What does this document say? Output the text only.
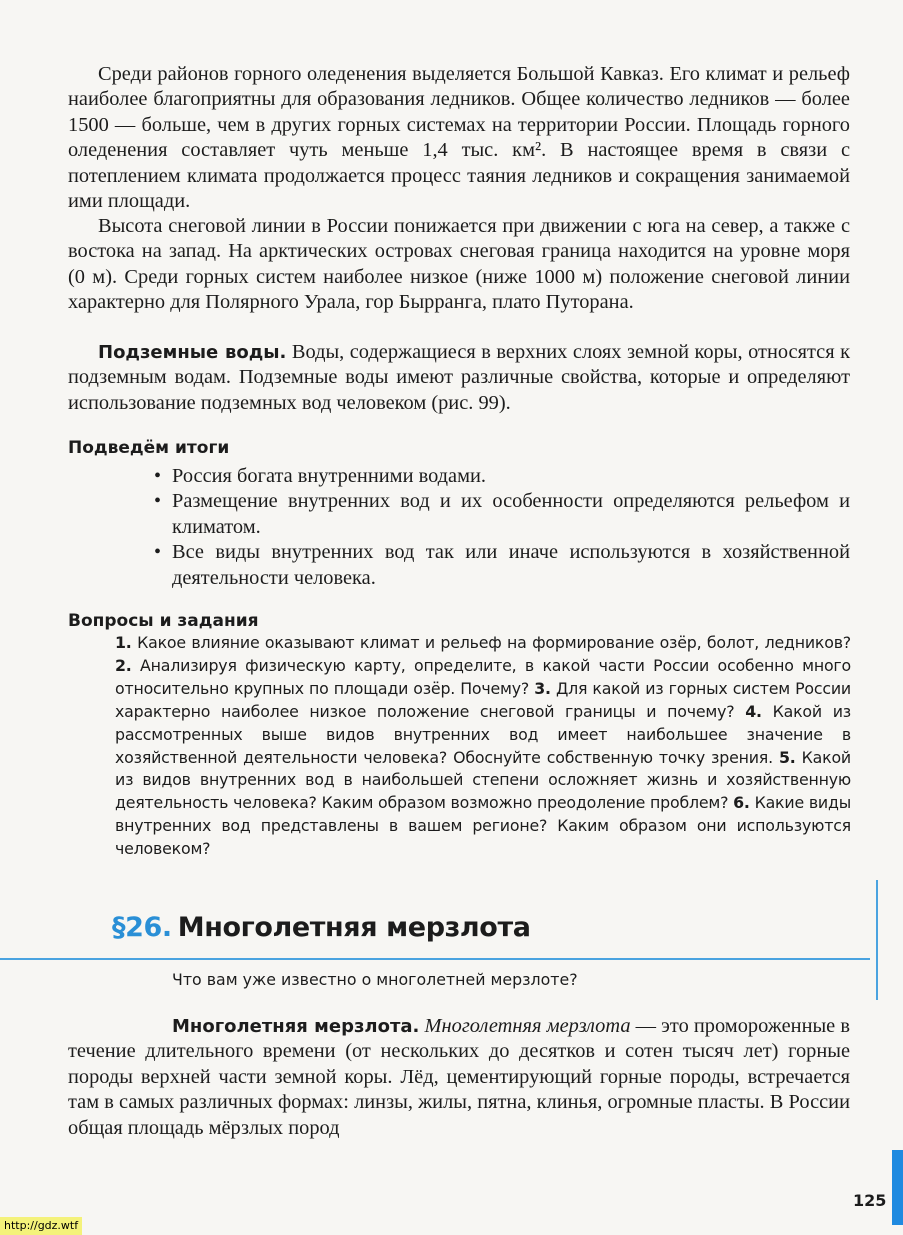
Среди районов горного оледенения выделяется Большой Кавказ. Его климат и рельеф наиболее благоприятны для образования ледников. Общее количество ледников — более 1500 — больше, чем в других горных системах на территории России. Площадь горного оледенения составляет чуть меньше 1,4 тыс. км². В настоящее время в связи с потеплением климата продолжается процесс таяния ледников и сокращения занимаемой ими площади.

Высота снеговой линии в России понижается при движении с юга на север, а также с востока на запад. На арктических островах снеговая граница находится на уровне моря (0 м). Среди горных систем наиболее низкое (ниже 1000 м) положение снеговой линии характерно для Полярного Урала, гор Бырранга, плато Путорана.

Подземные воды. Воды, содержащиеся в верхних слоях земной коры, относятся к подземным водам. Подземные воды имеют различные свойства, которые и определяют использование подземных вод человеком (рис. 99).

Подведём итоги
• Россия богата внутренними водами.
• Размещение внутренних вод и их особенности определяются рельефом и климатом.
• Все виды внутренних вод так или иначе используются в хозяйственной деятельности человека.
Вопросы и задания

1. Какое влияние оказывают климат и рельеф на формирование озёр, болот, ледников? 2. Анализируя физическую карту, определите, в какой части России особенно много относительно крупных по площади озёр. Почему? 3. Для какой из горных систем России характерно наиболее низкое положение снеговой границы и почему? 4. Какой из рассмотренных выше видов внутренних вод имеет наибольшее значение в хозяйственной деятельности человека? Обоснуйте собственную точку зрения. 5. Какой из видов внутренних вод в наибольшей степени осложняет жизнь и хозяйственную деятельность человека? Каким образом возможно преодоление проблем? 6. Какие виды внутренних вод представлены в вашем регионе? Каким образом они используются человеком?

§26. Многолетняя мерзлота

Что вам уже известно о многолетней мерзлоте?

Многолетняя мерзлота. Многолетняя мерзлота — это промороженные в течение длительного времени (от нескольких до десятков и сотен тысяч лет) горные породы верхней части земной коры. Лёд, цементирующий горные породы, встречается там в самых различных формах: линзы, жилы, пятна, клинья, огромные пласты. В России общая площадь мёрзлых пород

125

http://gdz.wtf
